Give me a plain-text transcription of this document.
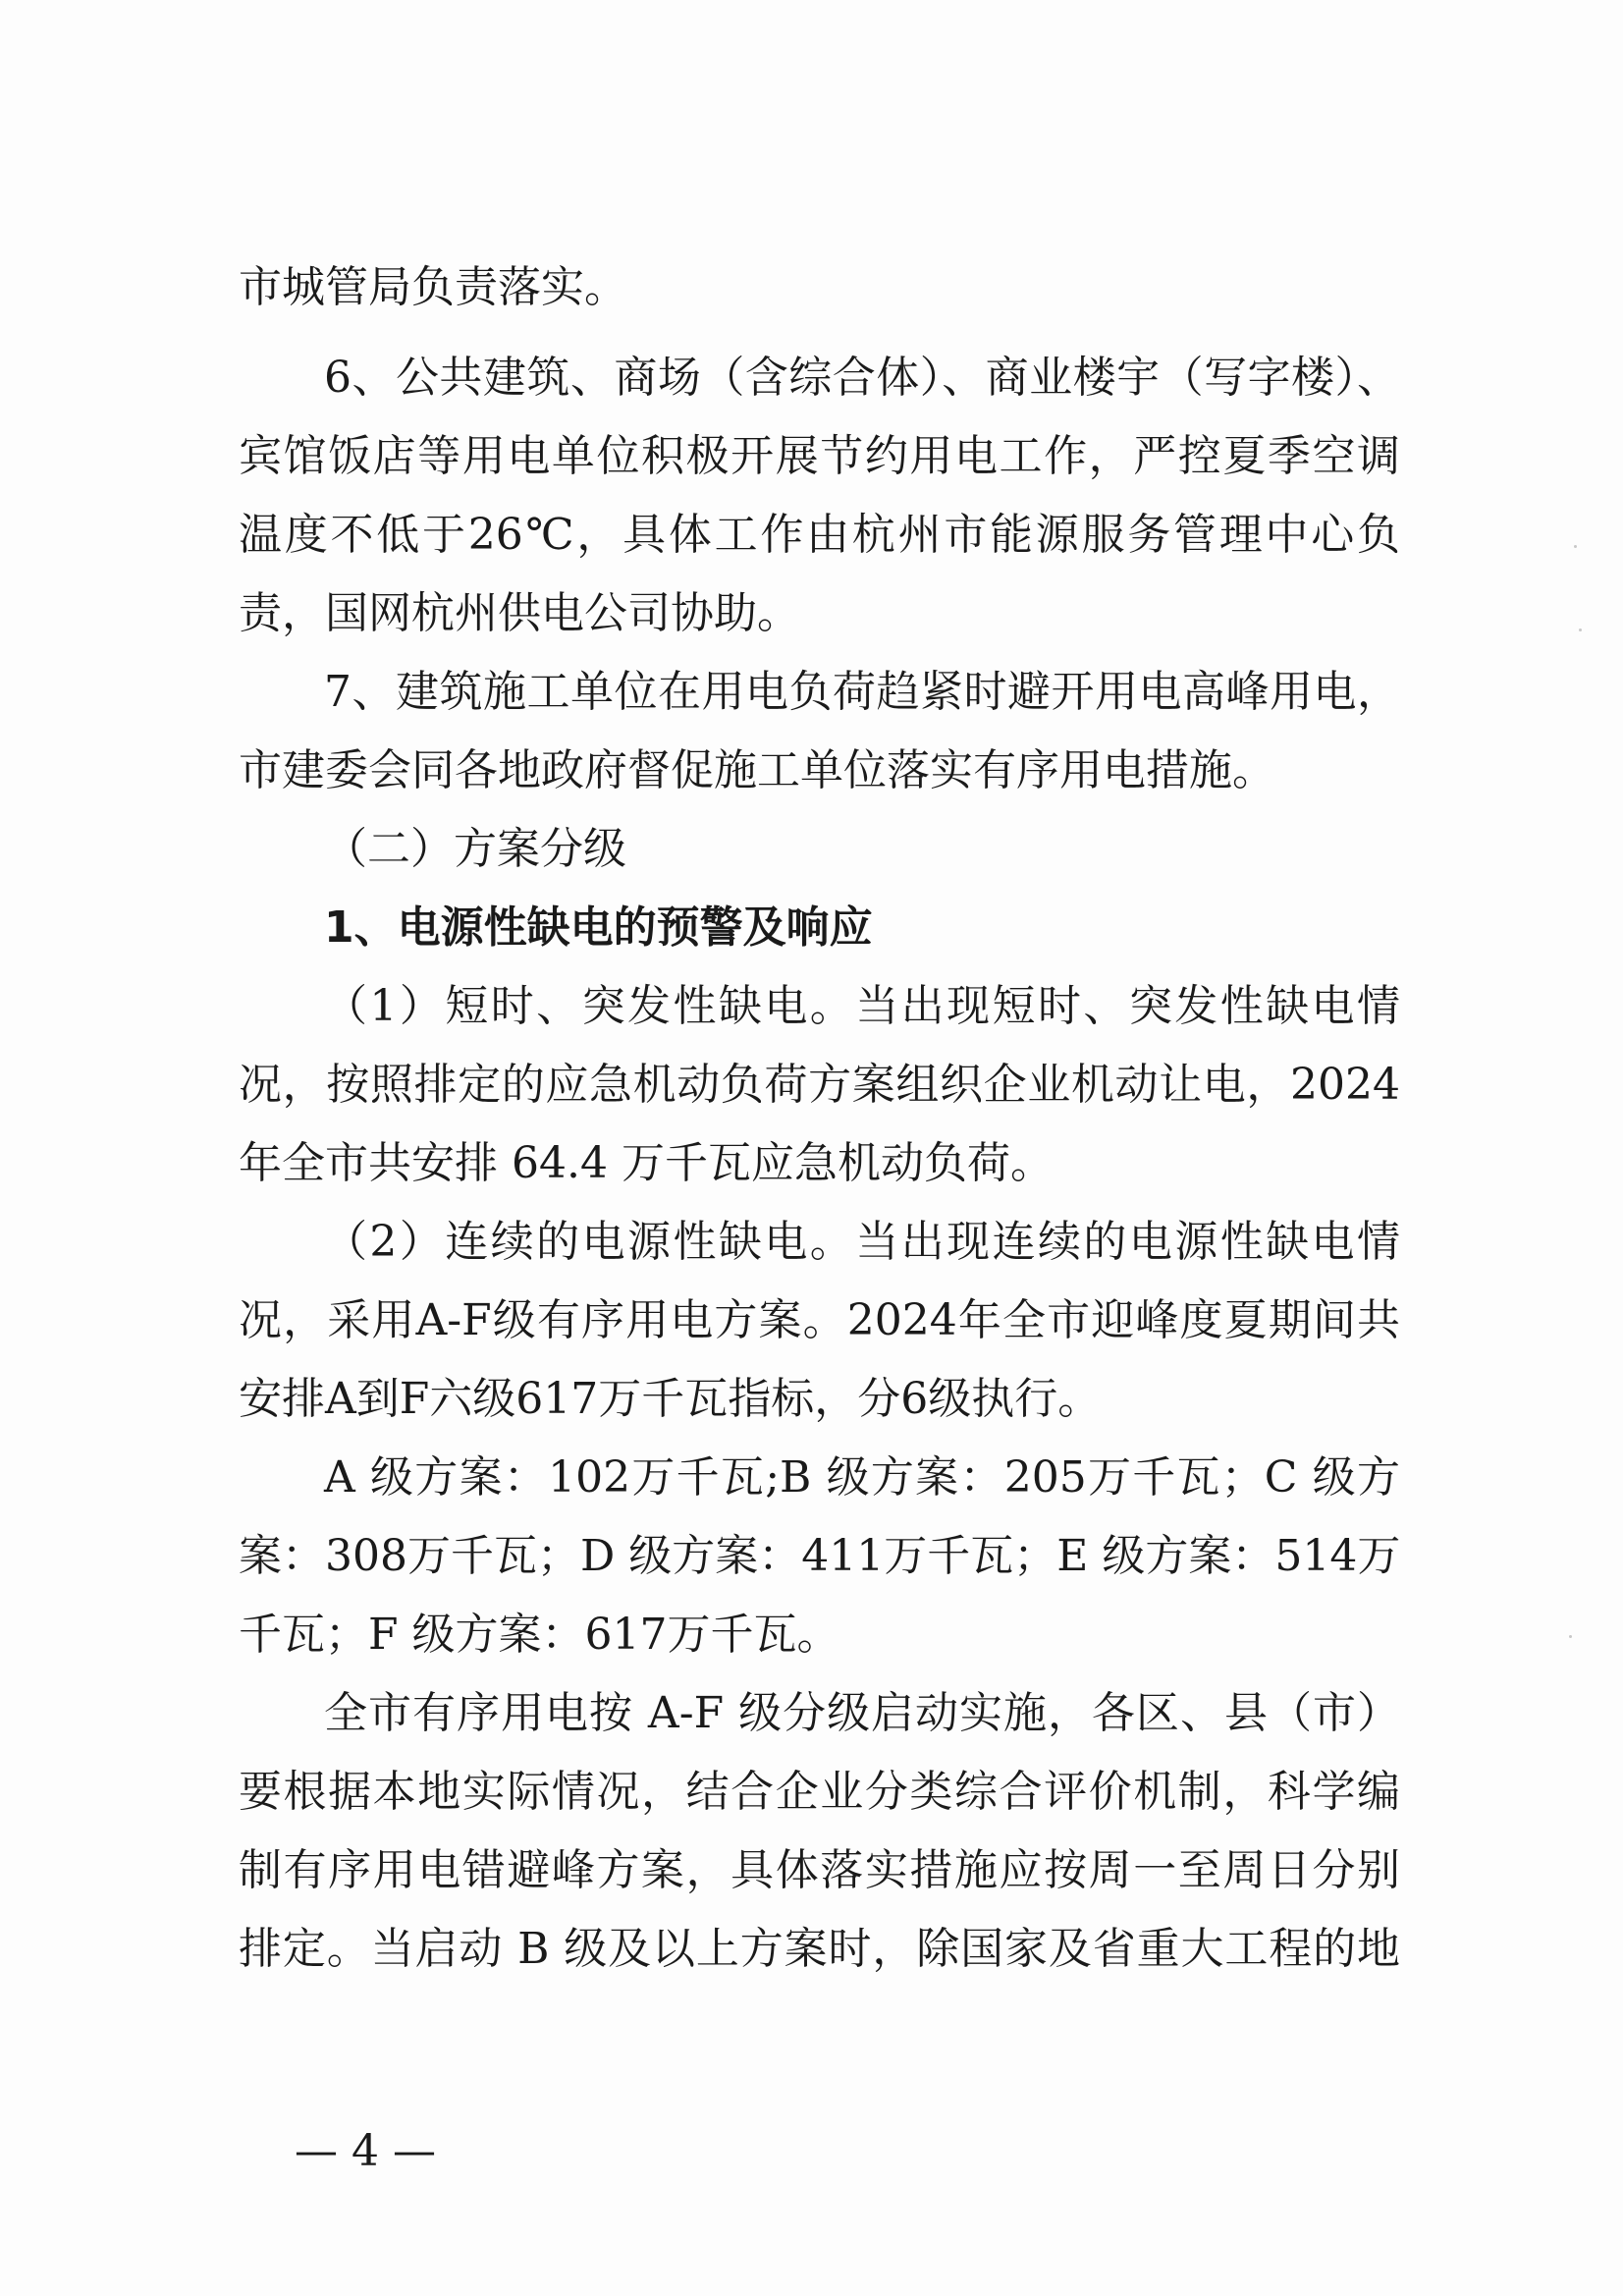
市城管局负责落实。
6、公共建筑、商场（含综合体）、商业楼宇（写字楼）、
宾馆饭店等用电单位积极开展节约用电工作，严控夏季空调
温度不低于26℃，具体工作由杭州市能源服务管理中心负
责，国网杭州供电公司协助。
7、建筑施工单位在用电负荷趋紧时避开用电高峰用电，
市建委会同各地政府督促施工单位落实有序用电措施。
（二）方案分级
1、电源性缺电的预警及响应
（1）短时、突发性缺电。当出现短时、突发性缺电情
况，按照排定的应急机动负荷方案组织企业机动让电，2024
年全市共安排 64.4 万千瓦应急机动负荷。
（2）连续的电源性缺电。当出现连续的电源性缺电情
况，采用A-F级有序用电方案。2024年全市迎峰度夏期间共
安排A到F六级617万千瓦指标，分6级执行。
A 级方案：102万千瓦;B 级方案：205万千瓦；C 级方
案：308万千瓦；D 级方案：411万千瓦；E 级方案：514万
千瓦；F 级方案：617万千瓦。
全市有序用电按 A-F 级分级启动实施，各区、县（市）
要根据本地实际情况，结合企业分类综合评价机制，科学编
制有序用电错避峰方案，具体落实措施应按周一至周日分别
排定。当启动 B 级及以上方案时，除国家及省重大工程的地
— 4 —
